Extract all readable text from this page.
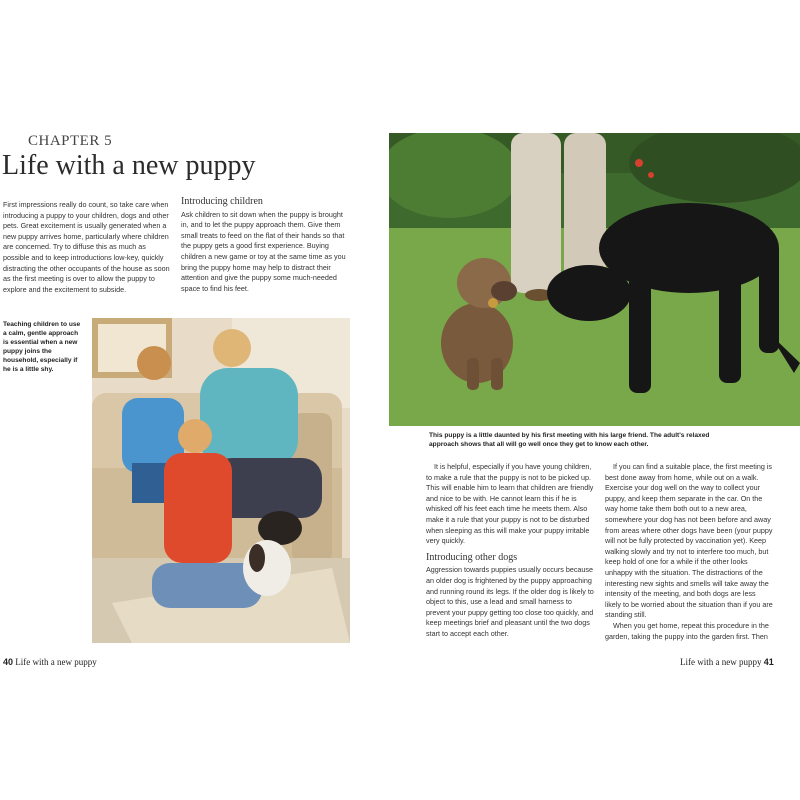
CHAPTER 5
Life with a new puppy

First impressions really do count, so take care when introducing a puppy to your children, dogs and other pets. Great excitement is usually generated when a new puppy arrives home, particularly where children are concerned. Try to diffuse this as much as possible and to keep introductions low-key, quickly distracting the other occupants of the house as soon as the first meeting is over to allow the puppy to explore and the excitement to subside.

Introducing children

Ask children to sit down when the puppy is brought in, and to let the puppy approach them. Give them small treats to feed on the flat of their hands so that the puppy gets a good first experience. Buying children a new game or toy at the same time as you bring the puppy home may help to distract their attention and give the puppy some much-needed space to find his feet.

Teaching children to use a calm, gentle approach is essential when a new puppy joins the household, especially if he is a little shy.
40 Life with a new puppy
This puppy is a little daunted by his first meeting with his large friend. The adult's relaxed approach shows that all will go well once they get to know each other.

It is helpful, especially if you have young children, to make a rule that the puppy is not to be picked up. This will enable him to learn that children are friendly and nice to be with. He cannot learn this if he is whisked off his feet each time he meets them. Also make it a rule that your puppy is not to be disturbed when sleeping as this will make your puppy irritable very quickly.

Introducing other dogs

Aggression towards puppies usually occurs because an older dog is frightened by the puppy approaching and running round its legs. If the older dog is likely to object to this, use a lead and small harness to prevent your puppy getting too close too quickly, and keep meetings brief and pleasant until the two dogs start to accept each other.

If you can find a suitable place, the first meeting is best done away from home, while out on a walk. Exercise your dog well on the way to collect your puppy, and keep them separate in the car. On the way home take them both out to a new area, somewhere your dog has not been before and away from areas where other dogs have been (your puppy will not be fully protected by vaccination yet). Keep walking slowly and try not to interfere too much, but keep hold of one for a while if the other looks unhappy with the situation. The distractions of the interesting new sights and smells will take away the intensity of the meeting, and both dogs are less likely to be worried about the situation than if you are standing still.

When you get home, repeat this procedure in the garden, taking the puppy into the garden first. Then

Life with a new puppy 41
